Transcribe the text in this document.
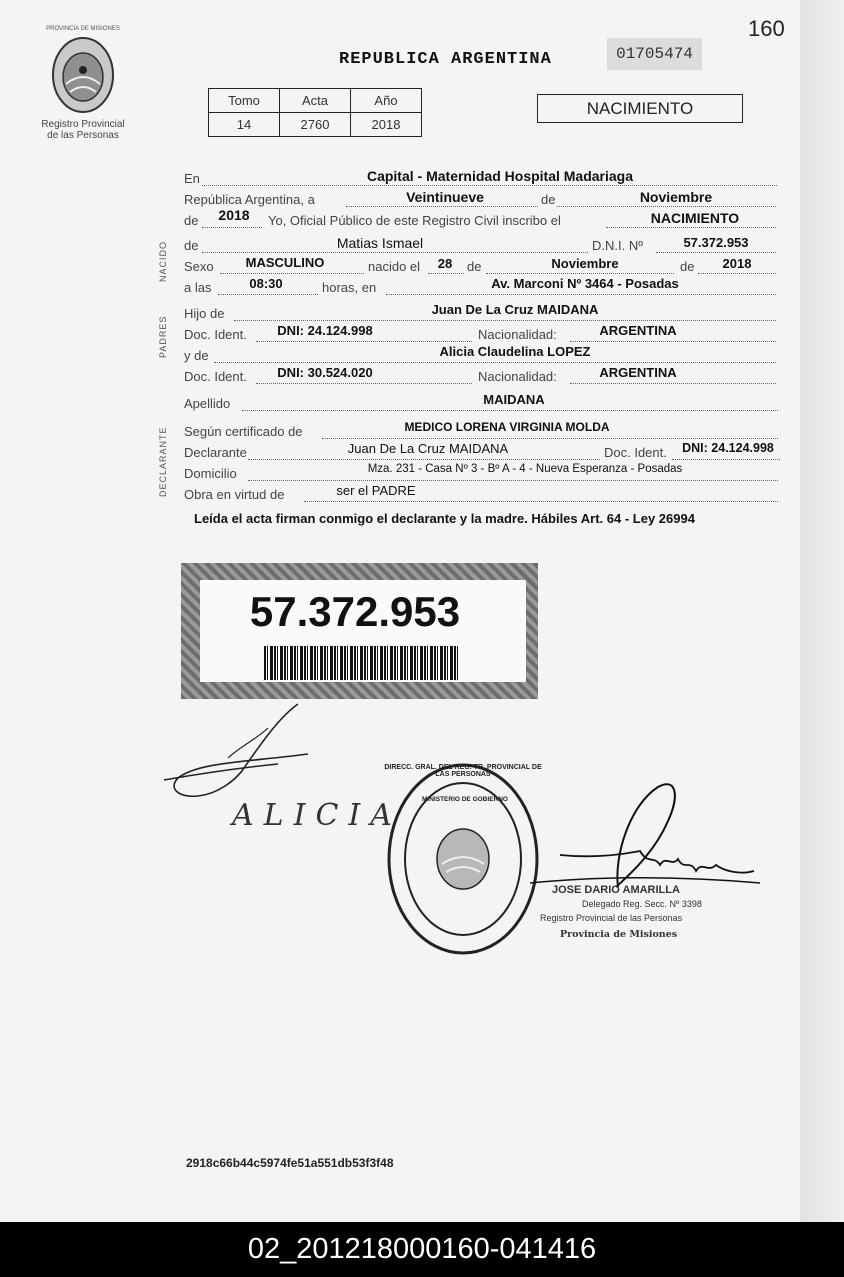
160
PROVINCIA DE MISIONES
Registro Provincial
de las Personas
REPUBLICA ARGENTINA	01705474
Tomo	Acta	Año
14	2760	2018
NACIMIENTO
NACIDO
PADRES
DECLARANTE
En	Capital - Maternidad Hospital Madariaga
República Argentina, a	Veintinueve	de	Noviembre
de	2018	Yo, Oficial Público de este Registro Civil inscribo el	NACIMIENTO
de	Matias Ismael	D.N.I. Nº	57.372.953
Sexo	MASCULINO	nacido el	28	de	Noviembre	de	2018
a las	08:30	horas, en	Av. Marconi Nº 3464 - Posadas
Hijo de	Juan De La Cruz MAIDANA
Doc. Ident.	DNI: 24.124.998	Nacionalidad:	ARGENTINA
y de	Alicia Claudelina LOPEZ
Doc. Ident.	DNI: 30.524.020	Nacionalidad:	ARGENTINA
Apellido	MAIDANA
Según certificado de	MEDICO LORENA VIRGINIA MOLDA
Declarante	Juan De La Cruz MAIDANA	Doc. Ident.	DNI: 24.124.998
Domicilio	Mza. 231 - Casa Nº 3 - Bº A - 4 - Nueva Esperanza - Posadas
Obra en virtud de	ser el PADRE
Leída el acta firman conmigo el declarante y la madre. Hábiles Art. 64 - Ley 26994
57.372.953
ALICIA
DIRECC. GRAL. DEL REG. TR. PROVINCIAL DE LAS PERSONAS
MINISTERIO DE GOBIERNO
JOSE DARIO AMARILLA
Delegado Reg. Secc. Nº 3398
Registro Provincial de las Personas
Provincia de Misiones
2918c66b44c5974fe51a551db53f3f48
02_201218000160-041416
